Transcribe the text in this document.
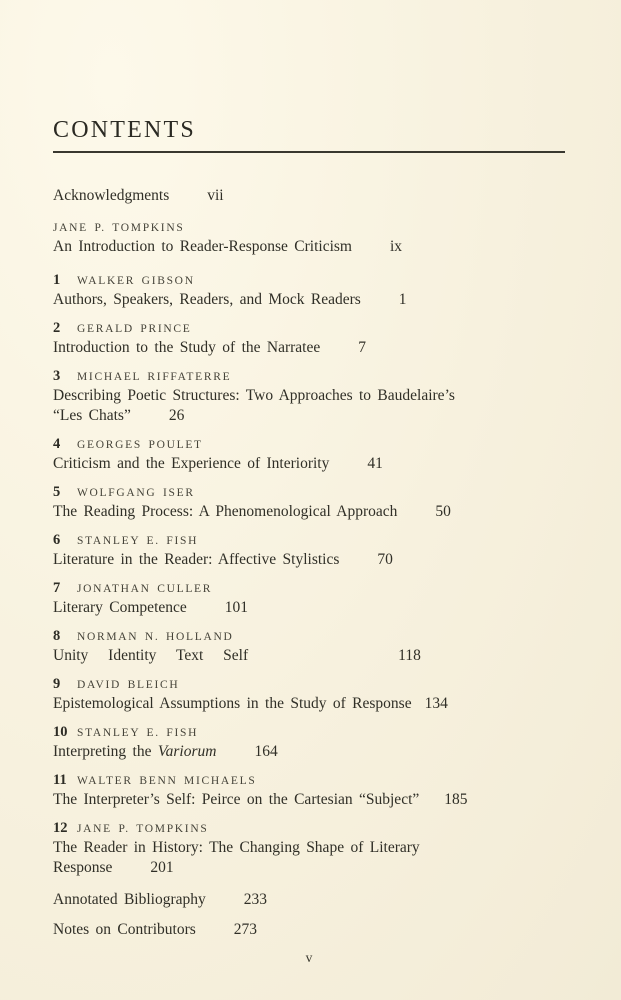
CONTENTS
Acknowledgments vii
JANE P. TOMPKINS
An Introduction to Reader-Response Criticism ix
1 WALKER GIBSON
Authors, Speakers, Readers, and Mock Readers 1
2 GERALD PRINCE
Introduction to the Study of the Narratee 7
3 MICHAEL RIFFATERRE
Describing Poetic Structures: Two Approaches to Baudelaire’s
“Les Chats” 26
4 GEORGES POULET
Criticism and the Experience of Interiority 41
5 WOLFGANG ISER
The Reading Process: A Phenomenological Approach 50
6 STANLEY E. FISH
Literature in the Reader: Affective Stylistics 70
7 JONATHAN CULLER
Literary Competence 101
8 NORMAN N. HOLLAND
Unity Identity Text Self	118
9 DAVID BLEICH
Epistemological Assumptions in the Study of Response 134
10 STANLEY E. FISH
Interpreting the Variorum 164
11 WALTER BENN MICHAELS
The Interpreter’s Self: Peirce on the Cartesian “Subject” 185
12 JANE P. TOMPKINS
The Reader in History: The Changing Shape of Literary
Response 201
Annotated Bibliography 233
Notes on Contributors 273
v
